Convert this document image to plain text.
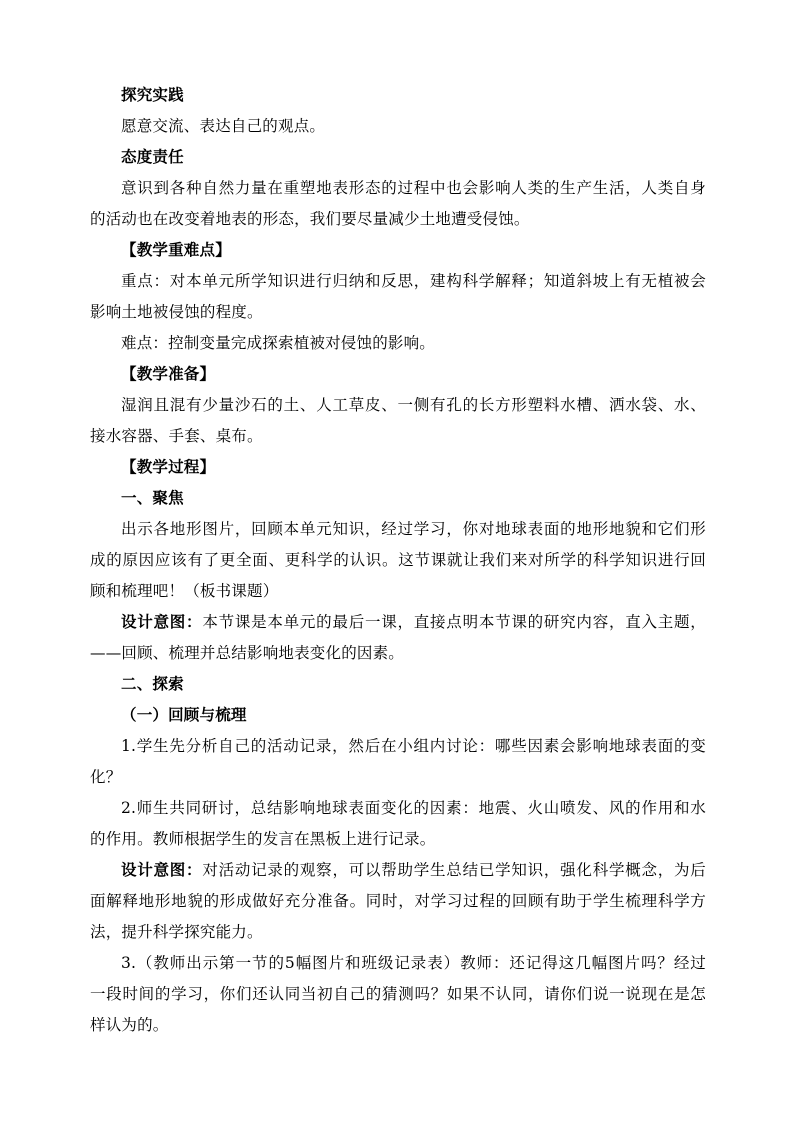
探究实践
愿意交流、表达自己的观点。
态度责任
意识到各种自然力量在重塑地表形态的过程中也会影响人类的生产生活，人类自身
的活动也在改变着地表的形态，我们要尽量减少土地遭受侵蚀。
【教学重难点】
重点：对本单元所学知识进行归纳和反思，建构科学解释；知道斜坡上有无植被会
影响土地被侵蚀的程度。
难点：控制变量完成探索植被对侵蚀的影响。
【教学准备】
湿润且混有少量沙石的土、人工草皮、一侧有孔的长方形塑料水槽、洒水袋、水、
接水容器、手套、桌布。
【教学过程】
一、聚焦
出示各地形图片，回顾本单元知识，经过学习，你对地球表面的地形地貌和它们形
成的原因应该有了更全面、更科学的认识。这节课就让我们来对所学的科学知识进行回
顾和梳理吧！（板书课题）
设计意图：本节课是本单元的最后一课，直接点明本节课的研究内容，直入主题，
——回顾、梳理并总结影响地表变化的因素。
二、探索
（一）回顾与梳理
1.学生先分析自己的活动记录，然后在小组内讨论：哪些因素会影响地球表面的变
化？
2.师生共同研讨，总结影响地球表面变化的因素：地震、火山喷发、风的作用和水
的作用。教师根据学生的发言在黑板上进行记录。
设计意图：对活动记录的观察，可以帮助学生总结已学知识，强化科学概念，为后
面解释地形地貌的形成做好充分准备。同时，对学习过程的回顾有助于学生梳理科学方
法，提升科学探究能力。
3.（教师出示第一节的5幅图片和班级记录表）教师：还记得这几幅图片吗？经过
一段时间的学习，你们还认同当初自己的猜测吗？如果不认同，请你们说一说现在是怎
样认为的。
